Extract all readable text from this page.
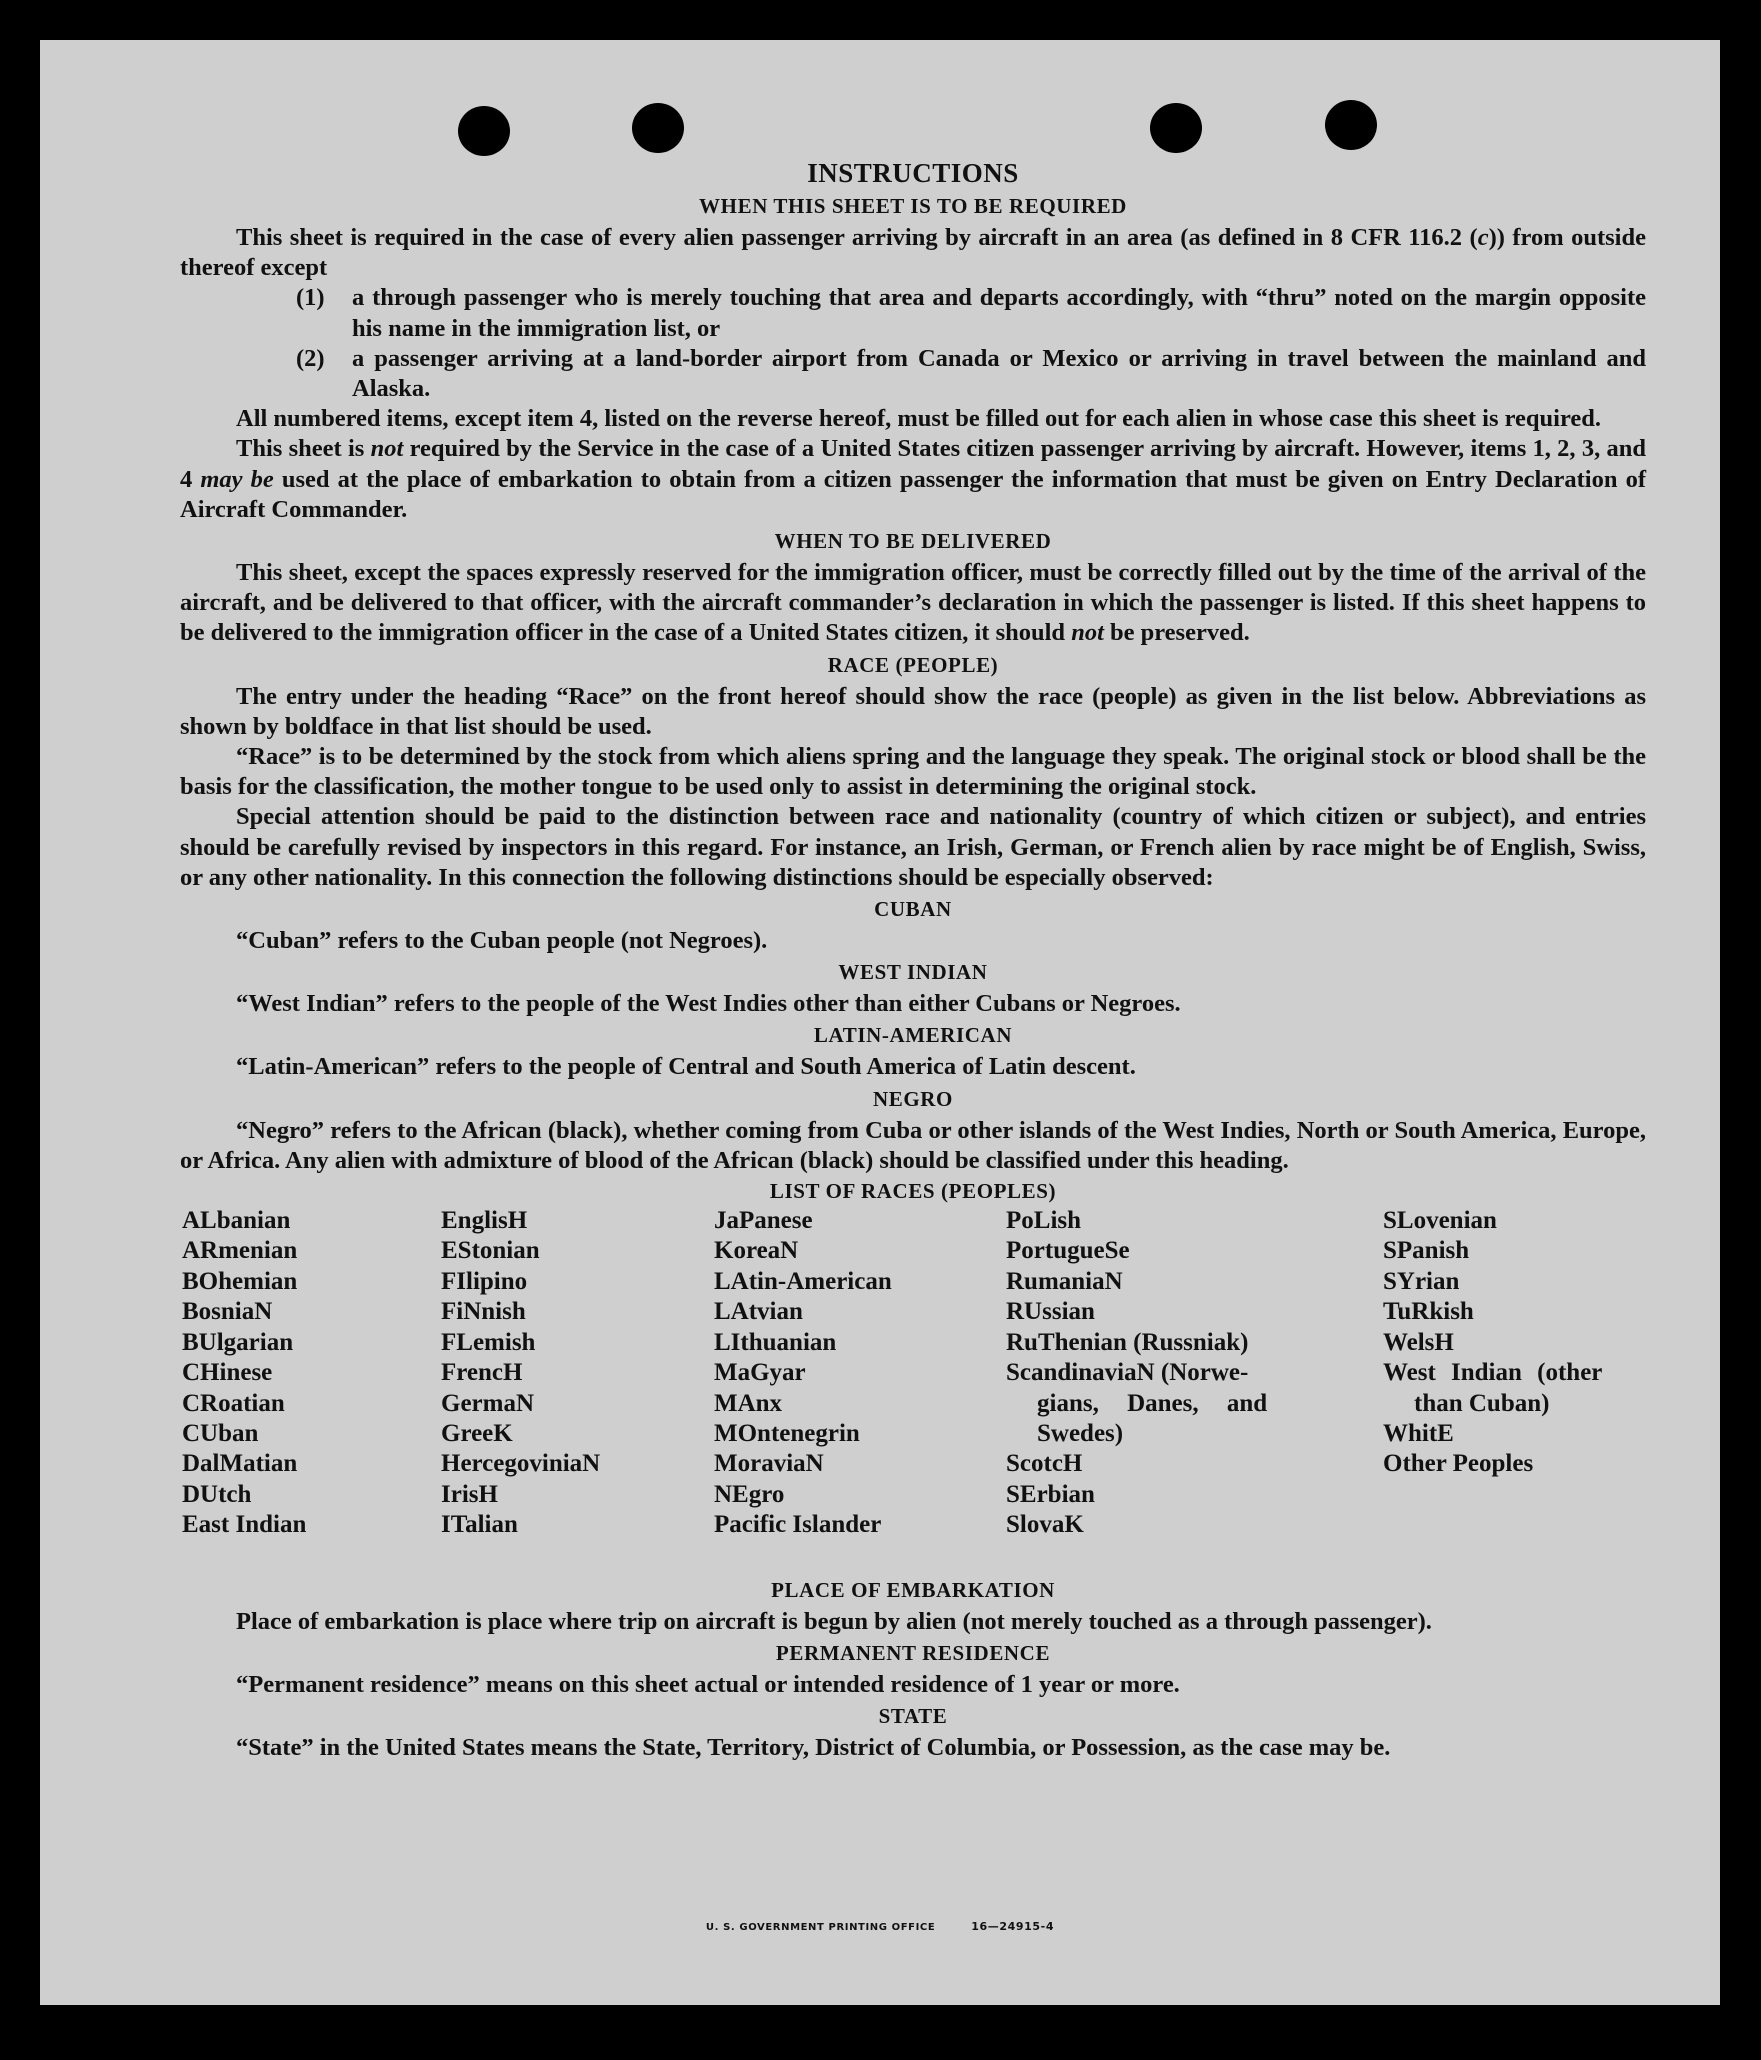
INSTRUCTIONS
WHEN THIS SHEET IS TO BE REQUIRED

This sheet is required in the case of every alien passenger arriving by aircraft in an area (as defined in 8 CFR 116.2 (c)) from outside thereof except

(1)	a through passenger who is merely touching that area and departs accordingly, with “thru” noted on the margin opposite his name in the immigration list, or
(2)	a passenger arriving at a land-border airport from Canada or Mexico or arriving in travel between the mainland and Alaska.

All numbered items, except item 4, listed on the reverse hereof, must be filled out for each alien in whose case this sheet is required.

This sheet is not required by the Service in the case of a United States citizen passenger arriving by aircraft. However, items 1, 2, 3, and 4 may be used at the place of embarkation to obtain from a citizen passenger the information that must be given on Entry Declaration of Aircraft Commander.

WHEN TO BE DELIVERED

This sheet, except the spaces expressly reserved for the immigration officer, must be correctly filled out by the time of the arrival of the aircraft, and be delivered to that officer, with the aircraft commander’s declaration in which the passenger is listed. If this sheet happens to be delivered to the immigration officer in the case of a United States citizen, it should not be preserved.

RACE (PEOPLE)

The entry under the heading “Race” on the front hereof should show the race (people) as given in the list below. Abbreviations as shown by boldface in that list should be used.

“Race” is to be determined by the stock from which aliens spring and the language they speak. The original stock or blood shall be the basis for the classification, the mother tongue to be used only to assist in determining the original stock.

Special attention should be paid to the distinction between race and nationality (country of which citizen or subject), and entries should be carefully revised by inspectors in this regard. For instance, an Irish, German, or French alien by race might be of English, Swiss, or any other nationality. In this connection the following distinctions should be especially observed:

CUBAN

“Cuban” refers to the Cuban people (not Negroes).

WEST INDIAN

“West Indian” refers to the people of the West Indies other than either Cubans or Negroes.

LATIN-AMERICAN

“Latin-American” refers to the people of Central and South America of Latin descent.

NEGRO

“Negro” refers to the African (black), whether coming from Cuba or other islands of the West Indies, North or South America, Europe, or Africa. Any alien with admixture of blood of the African (black) should be classified under this heading.

LIST OF RACES (PEOPLES)
ALbanian
ARmenian
BOhemian
BosniaN
BUlgarian
CHinese
CRoatian
CUban
DalMatian
DUtch
East Indian
EnglisH
EStonian
FIlipino
FiNnish
FLemish
FrencH
GermaN
GreeK
HercegoviniaN
IrisH
ITalian
JaPanese
KoreaN
LAtin-American
LAtvian
LIthuanian
MaGyar
MAnx
MOntenegrin
MoraviaN
NEgro
Pacific Islander
PoLish
PortugueSe
RumaniaN
RUssian
RuThenian (Russniak)
ScandinaviaN (Norwe-
gians, Danes, and
Swedes)
ScotcH
SErbian
SlovaK
SLovenian
SPanish
SYrian
TuRkish
WelsH
West Indian (other
than Cuban)
WhitE
Other Peoples
PLACE OF EMBARKATION

Place of embarkation is place where trip on aircraft is begun by alien (not merely touched as a through passenger).

PERMANENT RESIDENCE

“Permanent residence” means on this sheet actual or intended residence of 1 year or more.

STATE

“State” in the United States means the State, Territory, District of Columbia, or Possession, as the case may be.

U. S. GOVERNMENT PRINTING OFFICE	16—24915-4
